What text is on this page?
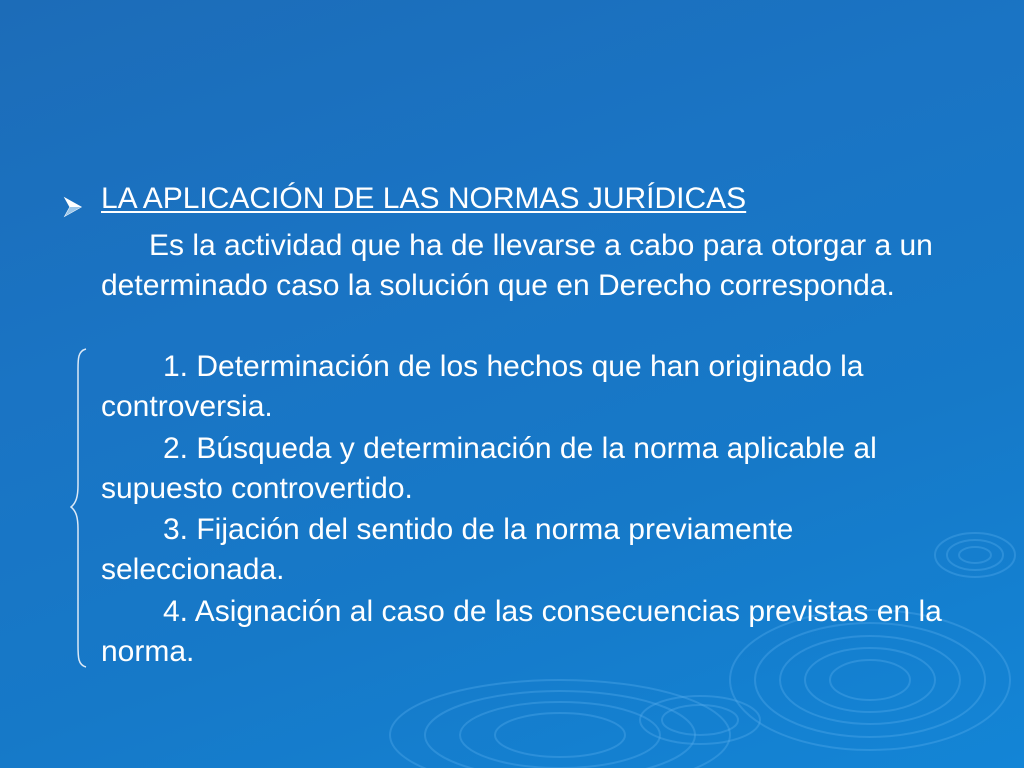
LA APLICACIÓN DE LAS NORMAS JURÍDICAS
Es la actividad que ha de llevarse a cabo para otorgar a un determinado caso la solución que en Derecho corresponda.
1. Determinación de los hechos que han originado la controversia.
2. Búsqueda y determinación de la norma aplicable al supuesto controvertido.
3. Fijación del sentido de la norma previamente seleccionada.
4. Asignación al caso de las consecuencias previstas en la norma.
